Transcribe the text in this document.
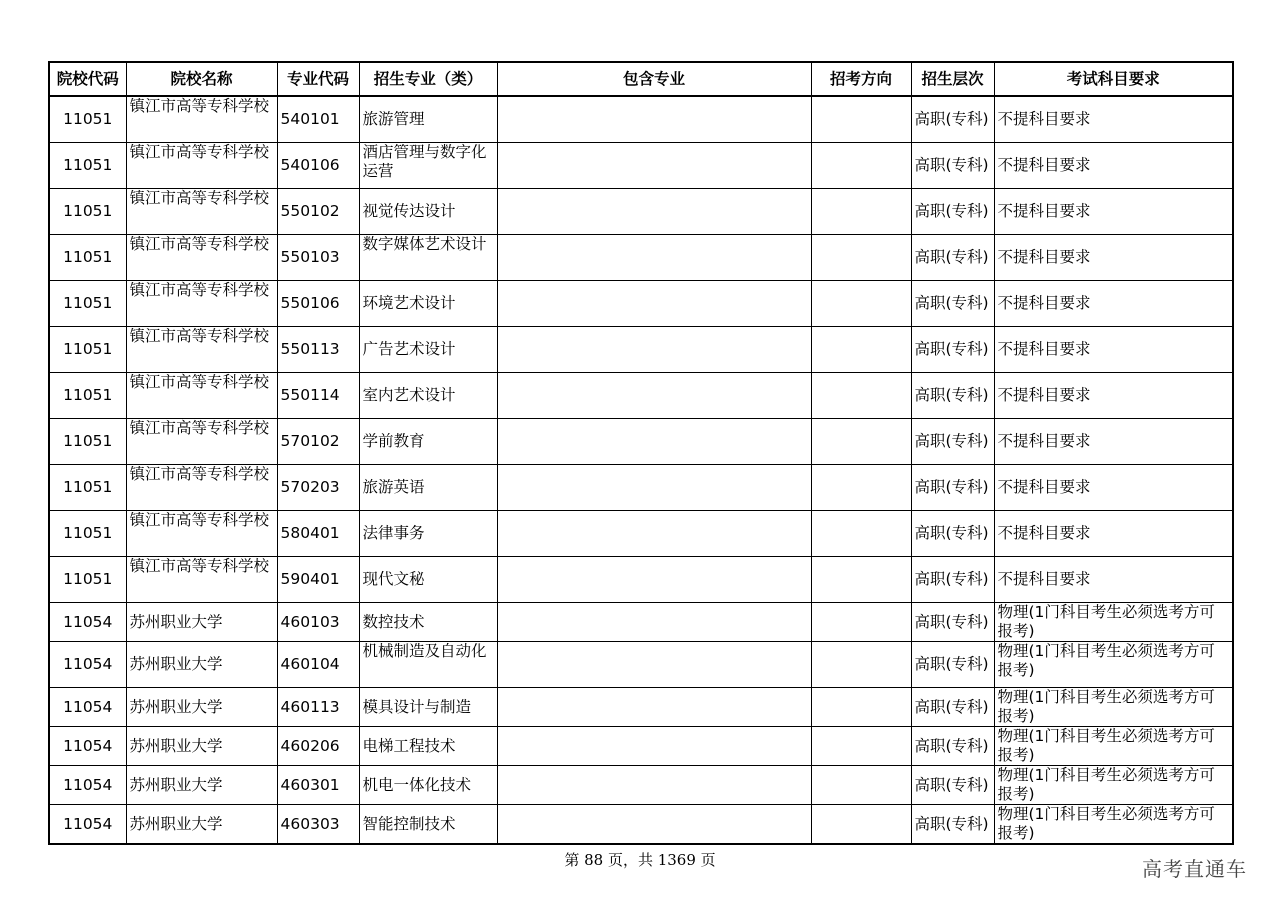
院校代码	院校名称	专业代码	招生专业（类）	包含专业	招考方向	招生层次	考试科目要求
11051	镇江市高等专科学校	540101	旅游管理			高职(专科)	不提科目要求
11051	镇江市高等专科学校	540106	酒店管理与数字化运营			高职(专科)	不提科目要求
11051	镇江市高等专科学校	550102	视觉传达设计			高职(专科)	不提科目要求
11051	镇江市高等专科学校	550103	数字媒体艺术设计			高职(专科)	不提科目要求
11051	镇江市高等专科学校	550106	环境艺术设计			高职(专科)	不提科目要求
11051	镇江市高等专科学校	550113	广告艺术设计			高职(专科)	不提科目要求
11051	镇江市高等专科学校	550114	室内艺术设计			高职(专科)	不提科目要求
11051	镇江市高等专科学校	570102	学前教育			高职(专科)	不提科目要求
11051	镇江市高等专科学校	570203	旅游英语			高职(专科)	不提科目要求
11051	镇江市高等专科学校	580401	法律事务			高职(专科)	不提科目要求
11051	镇江市高等专科学校	590401	现代文秘			高职(专科)	不提科目要求
11054	苏州职业大学	460103	数控技术			高职(专科)	物理(1门科目考生必须选考方可报考)
11054	苏州职业大学	460104	机械制造及自动化			高职(专科)	物理(1门科目考生必须选考方可报考)
11054	苏州职业大学	460113	模具设计与制造			高职(专科)	物理(1门科目考生必须选考方可报考)
11054	苏州职业大学	460206	电梯工程技术			高职(专科)	物理(1门科目考生必须选考方可报考)
11054	苏州职业大学	460301	机电一体化技术			高职(专科)	物理(1门科目考生必须选考方可报考)
11054	苏州职业大学	460303	智能控制技术			高职(专科)	物理(1门科目考生必须选考方可报考)
第 88 页，共 1369 页	高考直通车
